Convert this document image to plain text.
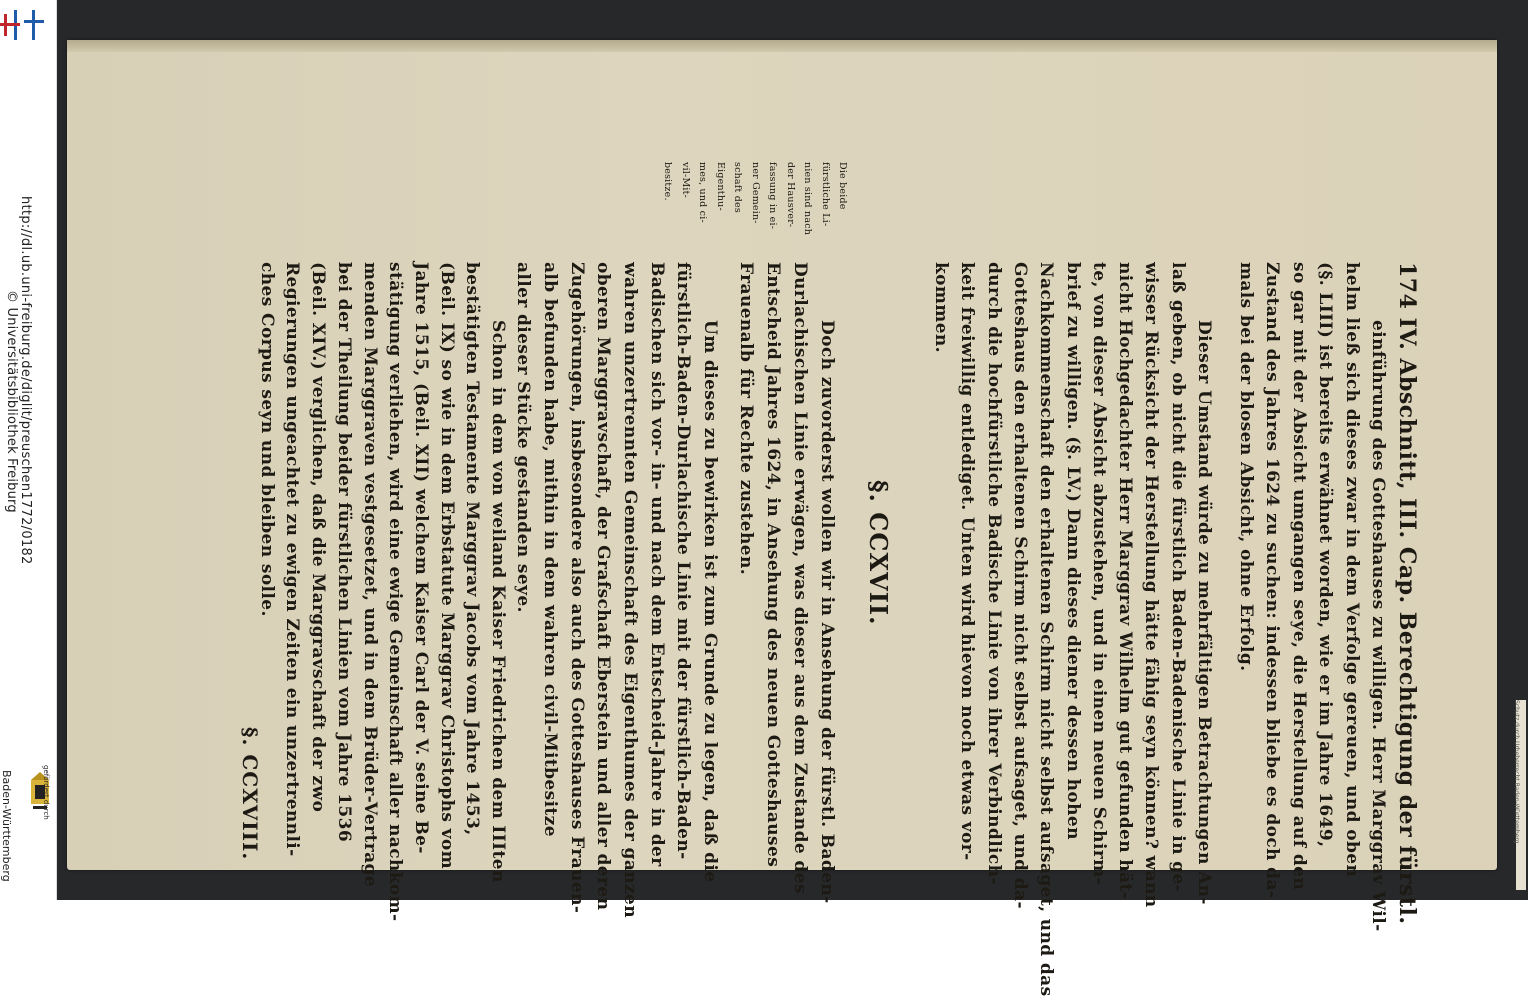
http://dl.ub.uni-freiburg.de/diglit/preuschen1772/0182
© Universitätsbibliothek Freiburg
gefördert durch
Baden-Württemberg	Schutz durch Urheberrecht Baden-Württemberg
174 IV. Abschnitt, III. Cap. Berechtigung der fürstl.
einführung des Gotteshauses zu willigen. Herr Marggrav Wil-
helm ließ sich dieses zwar in dem Verfolge gereuen, und oben
(§. LIII) ist bereits erwähnet worden, wie er im Jahre 1649,
so gar mit der Absicht umgangen seye, die Herstellung auf den
Zustand des Jahres 1624 zu suchen: indessen bliebe es doch da-
mals bei der blosen Absicht, ohne Erfolg.
Dieser Umstand würde zu mehrfältigen Betrachtungen An-
laß geben, ob nicht die fürstlich Baden-Badenische Linie in ge-
wisser Rücksicht der Herstellung hätte fähig seyn können? wann
nicht Hochgedachter Herr Marggrav Wilhelm gut gefunden hät-
te, von dieser Absicht abzustehen, und in einen neuen Schirm-
brief zu willigen. (§. LV.) Dann dieses diener dessen hohen
Nachkommenschaft den erhaltenen Schirm nicht selbst aufsaget, und das
Gotteshaus den erhaltenen Schirm nicht selbst aufsaget, und da-
durch die hochfürstliche Badische Linie von ihrer Verbindlich-
keit freiwillig entlediget. Unten wird hievon noch etwas vor-
kommen.
Doch zuvorderst wollen wir in Ansehung der fürstl. Baden-
Durlachischen Linie erwägen, was dieser aus dem Zustande des
Entscheid Jahres 1624, in Ansehung des neuen Gotteshauses
Frauenalb für Rechte zustehen.
Um dieses zu bewirken ist zum Grunde zu legen, daß die
fürstlich-Baden-Durlachische Linie mit der fürstlich-Baden-
Badischen sich vor- in- und nach dem Entscheid-Jahre in der
wahren unzertrennten Gemeinschaft des Eigenthumes der ganzen
oberen Marggravschaft, der Grafschaft Eberstein und aller deren
Zugehörungen, insbesondere also auch des Gotteshauses Frauen-
alb befunden habe, mithin in dem wahren civil-Mitbesitze
aller dieser Stücke gestanden seye.
Schon in dem von weiland Kaiser Friedrichen dem IIIten
bestätigten Testamente Marggrav Jacobs vom Jahre 1453,
(Beil. IX) so wie in dem Erbstatute Marggrav Christophs vom
Jahre 1515, (Beil. XII) welchem Kaiser Carl der V. seine Be-
stätigung verliehen, wird eine ewige Gemeinschaft aller nachkom-
menden Marggraven vestgesetzet, und in dem Brüder-Vertrage
bei der Theilung beider fürstlichen Linien vom Jahre 1536
(Beil. XIV.) verglichen, daß die Marggravschaft der zwo
Regierungen ungeachtet zu ewigen Zeiten ein unzertrennli-
ches Corpus seyn und bleiben solle.	§. CCXVII.
§. CCXVIII.
Die beide
fürstliche Li-
nien sind nach
der Hausver-
fassung in ei-
ner Gemein-
schaft des
Eigenthu-
mes, und ci-
vil-Mit-
besitze.
